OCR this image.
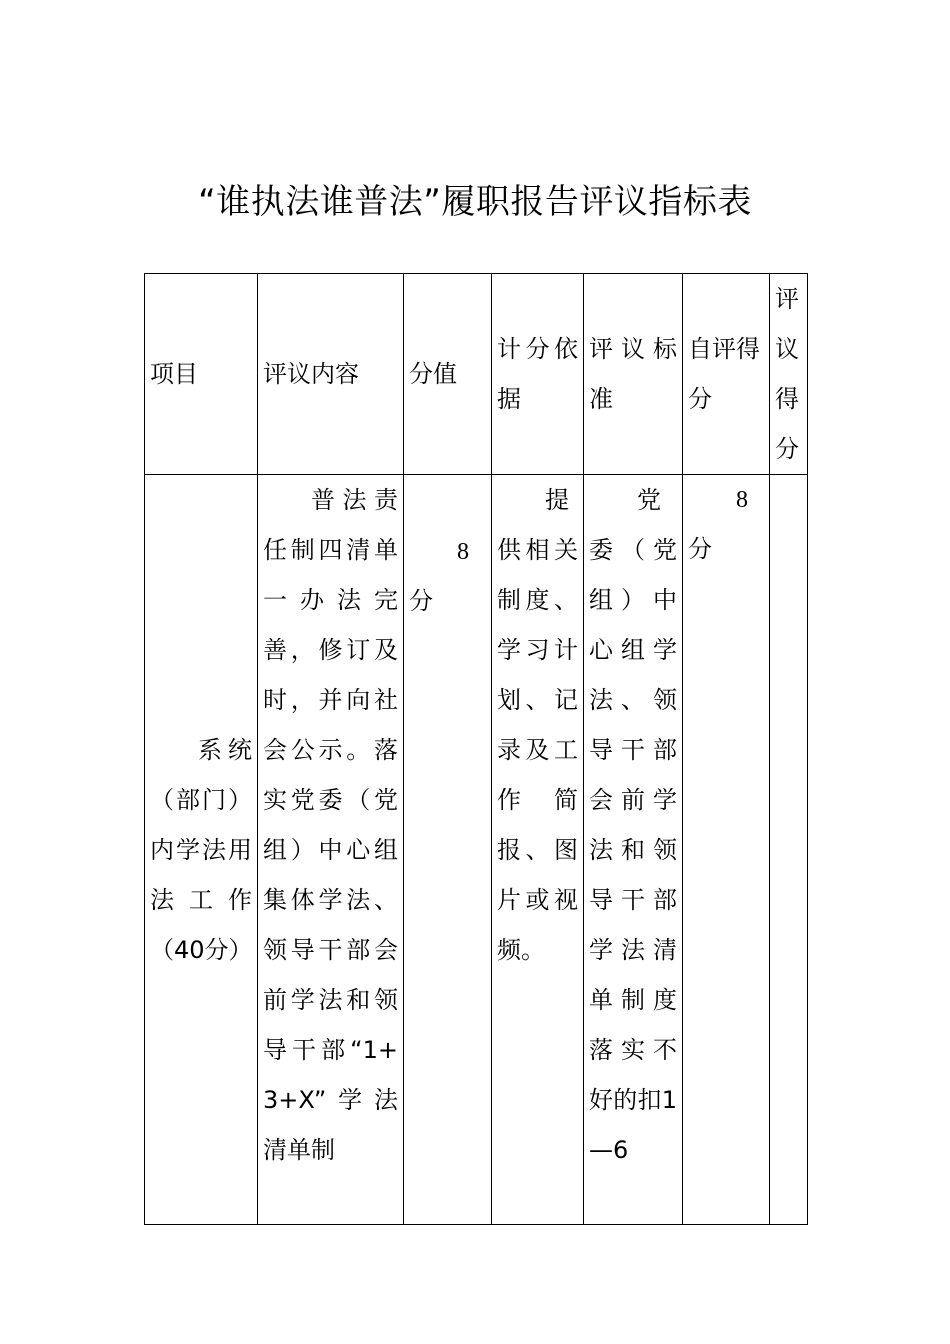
“谁执法谁普法”履职报告评议指标表
项目	评议内容	分值	计分依据	评议标准	自评得分	评议得分
系统（部门）内学法用法工作（40分）	普法责任制四清单一办法完善，修订及时，并向社会公示。落实党委（党组）中心组集体学法、领导干部会前学法和领导干部“1+3+X”学法清单制	8分	提供相关制度、学习计划、记录及工作简报、图片或视频。	党委（党组）中心组学法、领导干部会前学法和领导干部学法清单制度落实不好的扣1—6	8分	
